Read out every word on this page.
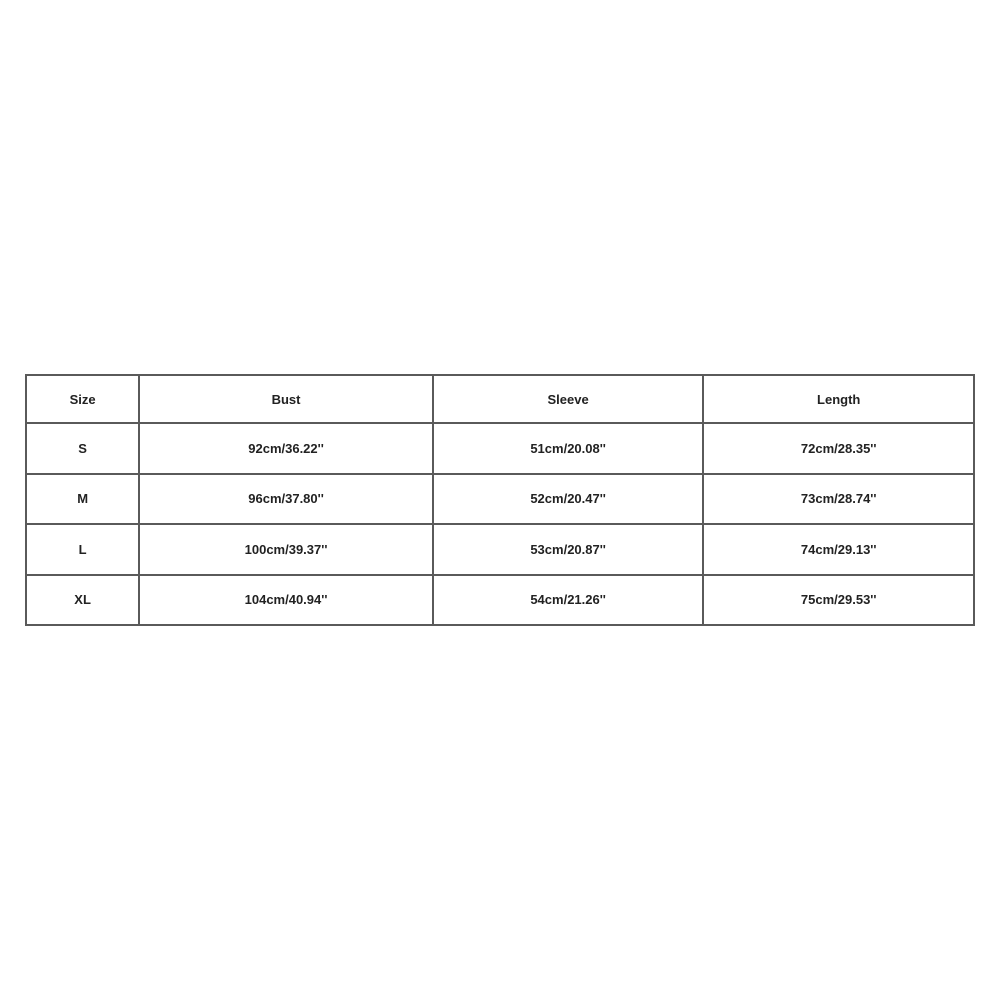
Size	Bust	Sleeve	Length
S	92cm/36.22''	51cm/20.08''	72cm/28.35''
M	96cm/37.80''	52cm/20.47''	73cm/28.74''
L	100cm/39.37''	53cm/20.87''	74cm/29.13''
XL	104cm/40.94''	54cm/21.26''	75cm/29.53''
